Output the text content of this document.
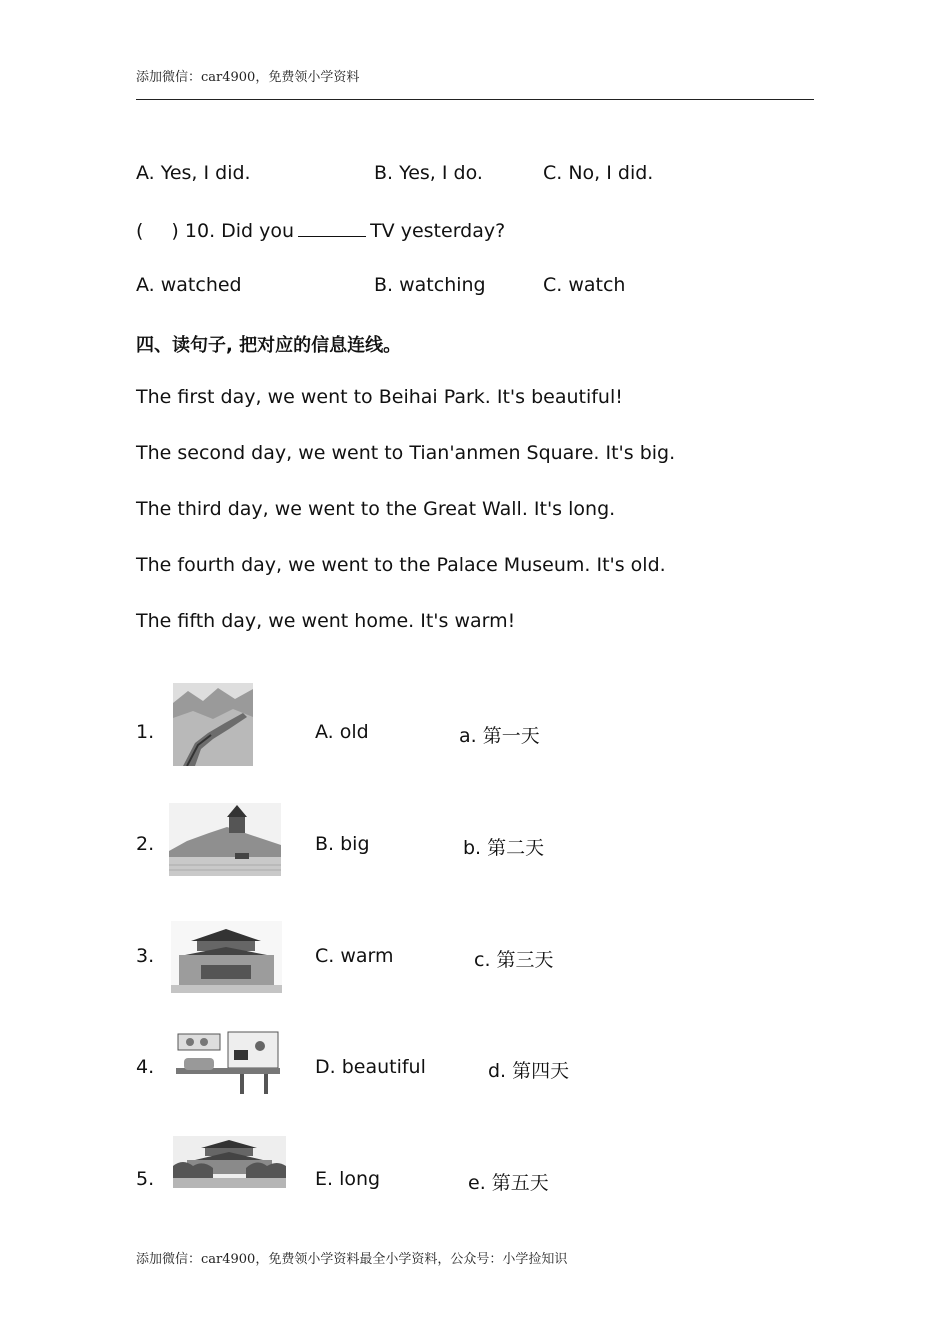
添加微信：car4900，免费领小学资料
A. Yes, I did.	B. Yes, I do.	C. No, I did.
( ) 10. Did you	TV yesterday?
A. watched	B. watching	C. watch
四、读句子, 把对应的信息连线。
The first day, we went to Beihai Park. It's beautiful!
The second day, we went to Tian'anmen Square. It's big.
The third day, we went to the Great Wall. It's long.
The fourth day, we went to the Palace Museum. It's old.
The fifth day, we went home. It's warm!
1.	A. old	a. 第一天
2.	B. big	b. 第二天
3.	C. warm	c. 第三天
4.	D. beautiful	d. 第四天
5.	E. long	e. 第五天
添加微信：car4900，免费领小学资料最全小学资料，公众号：小学捡知识
